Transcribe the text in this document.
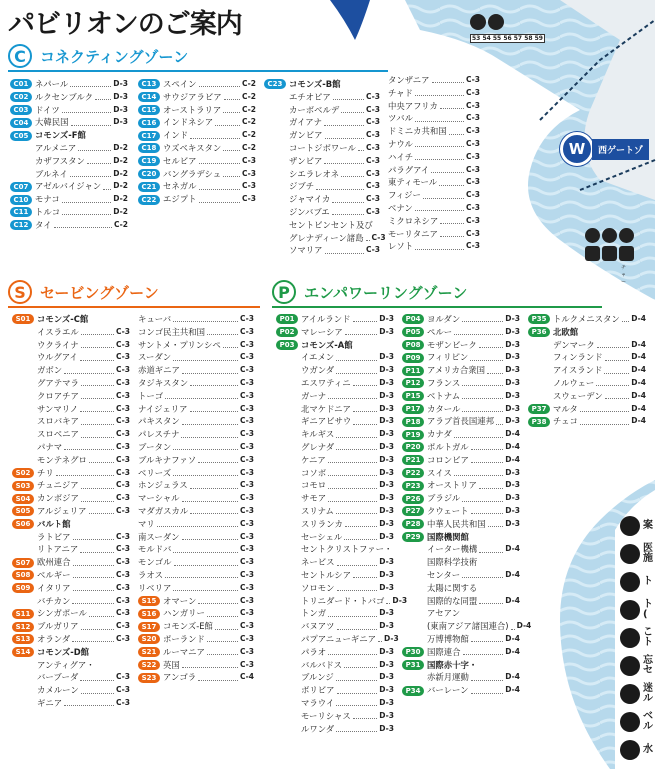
パビリオンのご案内	53 54 55 56 57 58 59
W	西ゲートゾ
チャー
C コネクティングゾーン
S セービングゾーン	P エンパワーリングゾーン
C01 ネパール	D-3
C02 ルクセンブルク	D-3
C03 ドイツ	D-3
C04 大韓民国	D-3
C05 コモンズ-F館
アルメニア	D-2
カザフスタン	D-2
ブルネイ	D-2
C07 アゼルバイジャン D-2
C10 モナコ	D-2
C11 トルコ	D-2
C12 タイ	C-2
C13 スペイン	C-2
C14 サウジアラビア	C-2
C15 オーストラリア	C-2
C16 インドネシア	C-2
C17 インド	C-2
C18 ウズベキスタン	C-2
C19 セルビア	C-3
C20 バングラデシュ	C-3
C21 セネガル	C-3
C22 エジプト	C-3
C23 コモンズ-B館
エチオピア	C-3
カーボベルデ	C-3
ガイアナ	C-3
ガンビア	C-3
コートジボワール C-3
ザンビア	C-3
シエラレオネ	C-3
ジブチ	C-3
ジャマイカ	C-3
ジンバブエ	C-3
セントビンセント及び
グレナディーン諸島 C-3
ソマリア	C-3
タンザニア	C-3
チャド	C-3
中央アフリカ	C-3
ツバル	C-3
ドミニカ共和国	C-3
ナウル	C-3
ハイチ	C-3
パラグアイ	C-3
東ティモール	C-3
フィジー	C-3
ベナン	C-3
ミクロネシア	C-3
モーリタニア	C-3
レソト	C-3
S01 コモンズ-C館
イスラエル	C-3
ウクライナ	C-3
ウルグアイ	C-3
ガボン	C-3
グアテマラ	C-3
クロアチア	C-3
サンマリノ	C-3
スロバキア	C-3
スロベニア	C-3
パナマ	C-3
モンテネグロ	C-3
S02 チリ	C-3
S03 チュニジア	C-3
S04 カンボジア	C-3
S05 アルジェリア	C-3
S06 バルト館
ラトビア	C-3
リトアニア	C-3
S07 欧州連合	C-3
S08 ベルギー	C-3
S09 イタリア	C-3
バチカン	C-3
S11 シンガポール	C-3
S12 ブルガリア	C-3
S13 オランダ	C-3
S14 コモンズ-D館
アンティグア・
バーブーダ	C-3
カメルーン	C-3
ギニア	C-3
キューバ	C-3
コンゴ民主共和国	C-3
サントメ・プリンシペ	C-3
スーダン	C-3
赤道ギニア	C-3
タジキスタン	C-3
トーゴ	C-3
ナイジェリア	C-3
パキスタン	C-3
パレスチナ	C-3
ブータン	C-3
ブルキナファソ	C-3
ベリーズ	C-3
ホンジュラス	C-3
マーシャル	C-3
マダガスカル	C-3
マリ	C-3
南スーダン	C-3
モルドバ	C-3
モンゴル	C-3
ラオス	C-3
リベリア	C-3
S15 オマーン	C-3
S16 ハンガリー	C-3
S17 コモンズ-E館	C-3
S20 ポーランド	C-3
S21 ルーマニア	C-3
S22 英国	C-3
S23 アンゴラ	C-4
P01 アイルランド	D-3
P02 マレーシア	D-3
P03 コモンズ-A館
イエメン	D-3
ウガンダ	D-3
エスワティニ	D-3
ガーナ	D-3
北マケドニア	D-3
ギニアビサウ	D-3
キルギス	D-3
グレナダ	D-3
ケニア	D-3
コソボ	D-3
コモロ	D-3
サモア	D-3
スリナム	D-3
スリランカ	D-3
セーシェル	D-3
セントクリストファー・
ネービス	D-3
セントルシア	D-3
ソロモン	D-3
トリニダード・トバゴ D-3
トンガ	D-3
バヌアツ	D-3
パプアニューギニア D-3
パラオ	D-3
バルバドス	D-3
ブルンジ	D-3
ボリビア	D-3
マラウイ	D-3
モーリシャス	D-3
ルワンダ	D-3
P04 ヨルダン	D-3
P05 ペルー	D-3
P08 モザンビーク	D-3
P09 フィリピン	D-3
P11 アメリカ合衆国	D-3
P12 フランス	D-3
P15 ベトナム	D-3
P17 カタール	D-3
P18 アラブ首長国連邦 D-3
P19 カナダ	D-4
P20 ポルトガル	D-4
P21 コロンビア	D-4
P22 スイス	D-3
P23 オーストリア	D-3
P26 ブラジル	D-3
P27 クウェート	D-3
P28 中華人民共和国	D-3
P29 国際機関館
イーター機構	D-4
国際科学技術
センター	D-4
太陽に関する
国際的な同盟	D-4
アセアン
(東南アジア諸国連合) D-4
万博博物館	D-4
P30 国際連合	D-4
P31 国際赤十字・
赤新月運動	D-4
P34 バーレーン	D-4
P35 トルクメニスタン D-4
P36 北欧館
デンマーク	D-4
フィンランド	D-4
アイスランド	D-4
ノルウェー	D-4
スウェーデン	D-4
P37 マルタ	D-4
P38 チェコ	D-4
案
医
施
ト
ト
(
こ
ト
忘
セ
迷
ル
ベ
ル
水
